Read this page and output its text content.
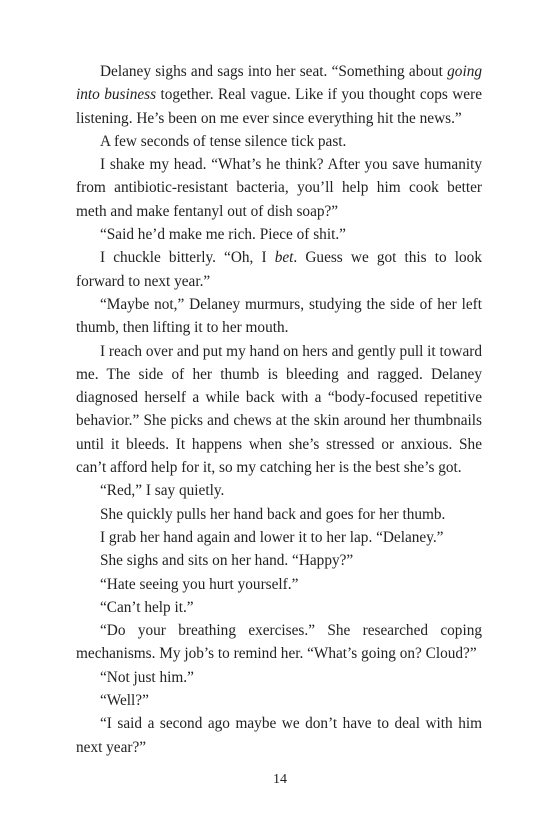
Delaney sighs and sags into her seat. “Something about going into business together. Real vague. Like if you thought cops were listening. He’s been on me ever since everything hit the news.”

A few seconds of tense silence tick past.

I shake my head. “What’s he think? After you save humanity from antibiotic-resistant bacteria, you’ll help him cook better meth and make fentanyl out of dish soap?”

“Said he’d make me rich. Piece of shit.”

I chuckle bitterly. “Oh, I bet. Guess we got this to look forward to next year.”

“Maybe not,” Delaney murmurs, studying the side of her left thumb, then lifting it to her mouth.

I reach over and put my hand on hers and gently pull it toward me. The side of her thumb is bleeding and ragged. Delaney diagnosed herself a while back with a “body-focused repetitive behavior.” She picks and chews at the skin around her thumbnails until it bleeds. It happens when she’s stressed or anxious. She can’t afford help for it, so my catching her is the best she’s got.

“Red,” I say quietly.

She quickly pulls her hand back and goes for her thumb.

I grab her hand again and lower it to her lap. “Delaney.”

She sighs and sits on her hand. “Happy?”

“Hate seeing you hurt yourself.”

“Can’t help it.”

“Do your breathing exercises.” She researched coping mechanisms. My job’s to remind her. “What’s going on? Cloud?”

“Not just him.”

“Well?”

“I said a second ago maybe we don’t have to deal with him next year?”

14
